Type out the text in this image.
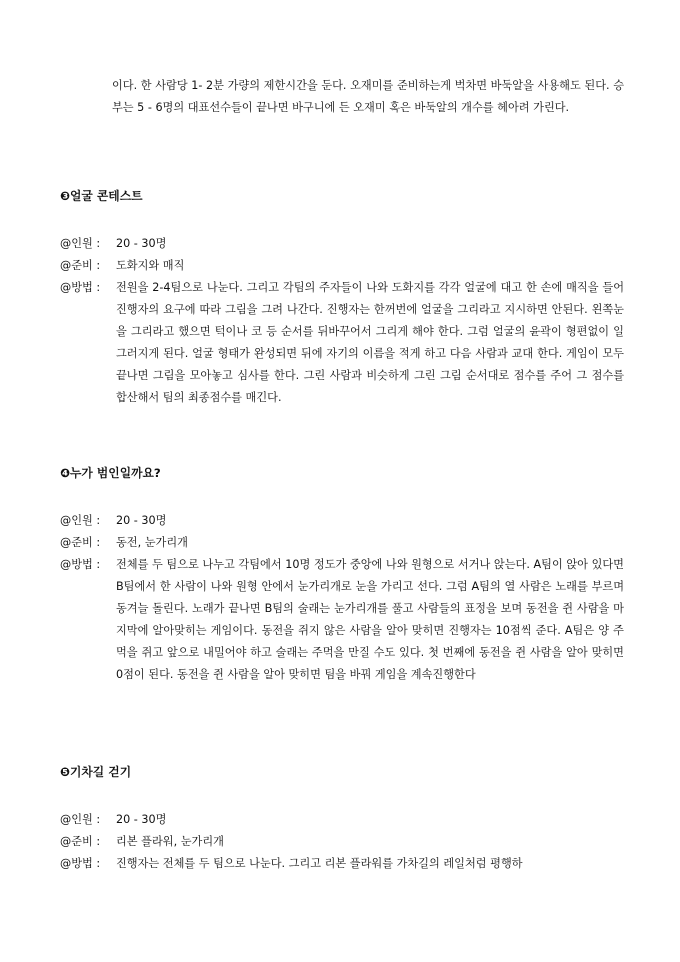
이다. 한 사람당 1- 2분 가량의 제한시간을 둔다. 오재미를 준비하는게 벅차면 바둑알을 사용해도 된다. 승부는 5 - 6명의 대표선수들이 끝나면 바구니에 든 오재미 혹은 바둑알의 개수를 헤아려 가린다.

❸ 얼굴 콘테스트

@인원 :	20 - 30명

@준비 :	도화지와 매직

@방법 :	전원을 2-4팀으로 나눈다. 그리고 각팀의 주자들이 나와 도화지를 각각 얼굴에 대고 한 손에 매직을 들어 진행자의 요구에 따라 그림을 그려 나간다. 진행자는 한꺼번에 얼굴을 그리라고 지시하면 안된다. 왼쪽눈을 그리라고 했으면 턱이나 코 등 순서를 뒤바꾸어서 그리게 해야 한다. 그럼 얼굴의 윤곽이 형편없이 일그러지게 된다. 얼굴 형태가 완성되면 뒤에 자기의 이름을 적게 하고 다음 사람과 교대 한다. 게임이 모두 끝나면 그림을 모아놓고 심사를 한다. 그린 사람과 비슷하게 그린 그림 순서대로 점수를 주어 그 점수를 합산해서 팀의 최종점수를 매긴다.

❹ 누가 범인일까요?

@인원 :	20 - 30명

@준비 :	동전, 눈가리개

@방법 :	전체를 두 팀으로 나누고 각팀에서 10명 정도가 중앙에 나와 원형으로 서거나 앉는다. A팀이 앉아 있다면 B팀에서 한 사람이 나와 원형 안에서 눈가리개로 눈을 가리고 선다. 그럼 A팀의 열 사람은 노래를 부르며 동겨늘 돌린다. 노래가 끝나면 B팀의 술래는 눈가리개를 풀고 사람들의 표정을 보며 동전을 쥔 사람을 마지막에 알아맞히는 게임이다. 동전을 쥐지 않은 사람을 알아 맞히면 진행자는 10점씩 준다. A팀은 양 주먹을 쥐고 앞으로 내밀어야 하고 술래는 주먹을 만질 수도 있다. 첫 번째에 동전을 쥔 사람을 알아 맞히면 0점이 된다. 동전을 쥔 사람을 알아 맞히면 팀을 바꿔 게임을 계속진행한다

❺ 기차길 걷기

@인원 :	20 - 30명

@준비 :	리본 플라워, 눈가리개

@방법 :	진행자는 전체를 두 팀으로 나눈다. 그리고 리본 플라워를 가차길의 레일처럼 평행하
